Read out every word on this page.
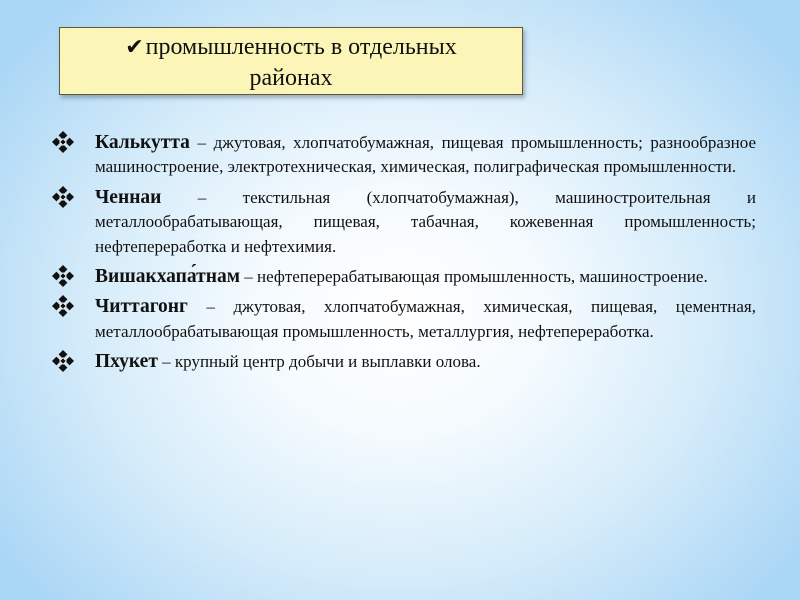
✔промышленность в отдельных районах
Калькутта – джутовая, хлопчатобумажная, пищевая промышленность; разнообразное машиностроение, электротехническая, химическая, полиграфическая промышленности.
Ченнаи – текстильная (хлопчатобумажная), машиностроительная и металлообрабатывающая, пищевая, табачная, кожевенная промышленность; нефтепереработка и нефтехимия.
Вишакхапа́тнам – нефтеперерабатывающая промышленность, машиностроение.
Читтагонг – джутовая, хлопчатобумажная, химическая, пищевая, цементная, металлообрабатывающая промышленность, металлургия, нефтепереработка.
Пхукет – крупный центр добычи и выплавки олова.
